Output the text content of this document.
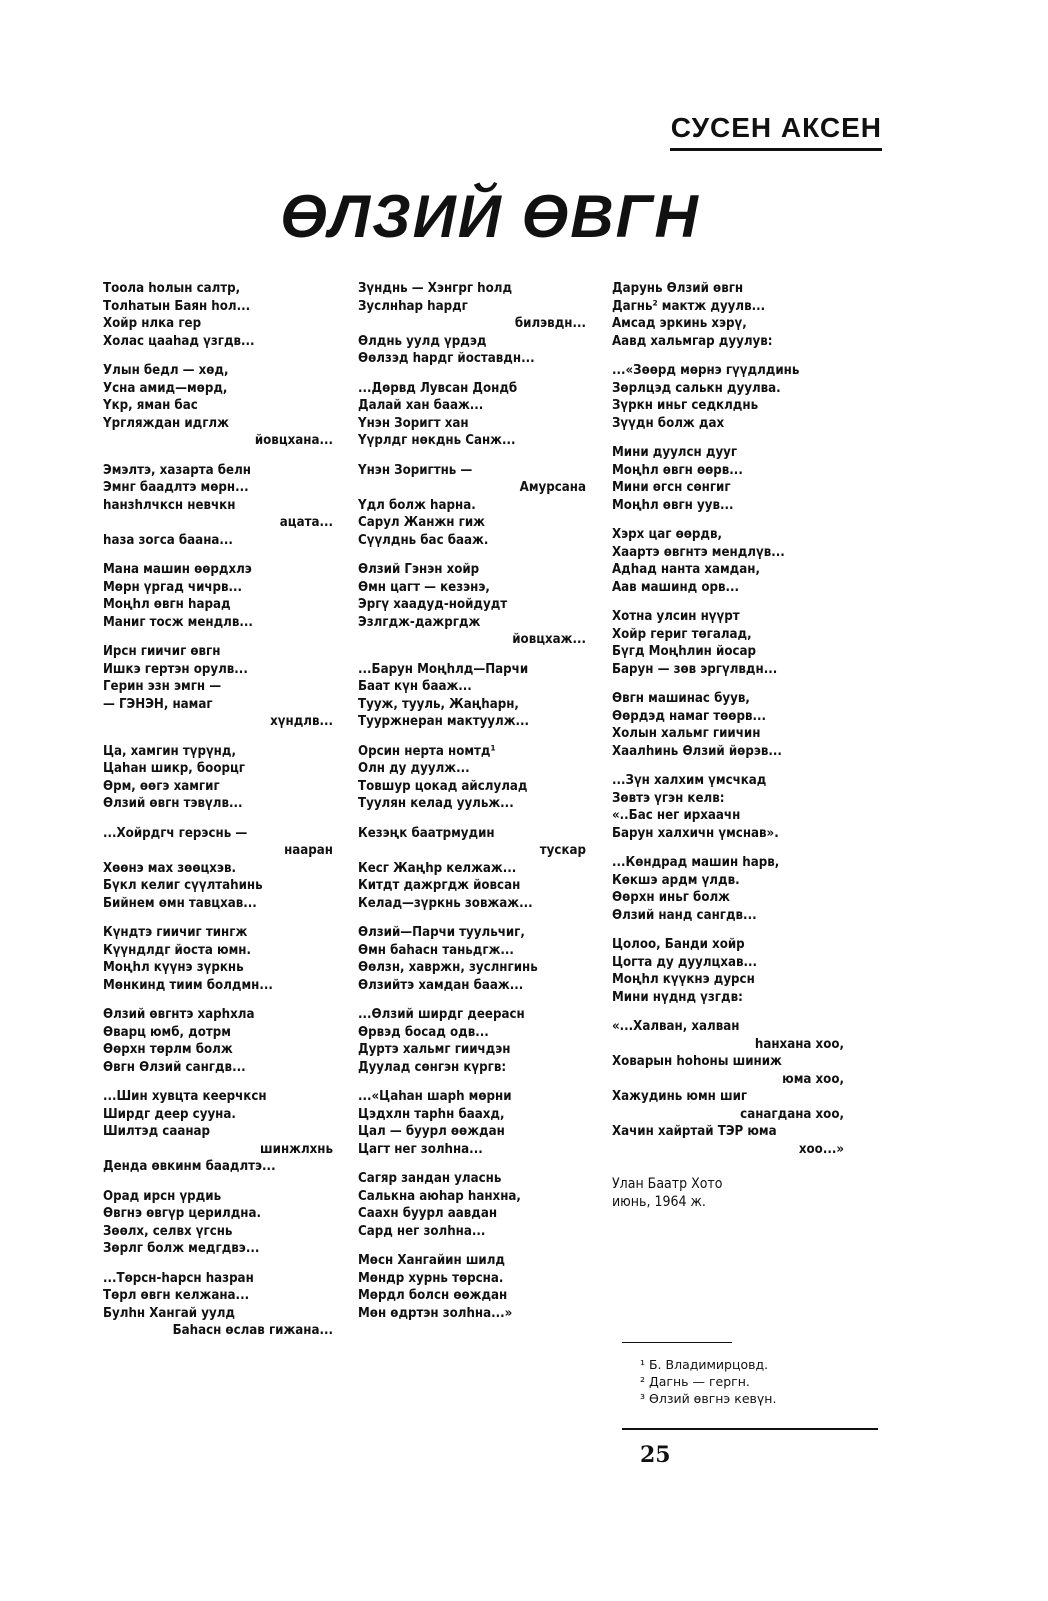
СУСЕН АКСЕН
ӨЛЗИЙ ӨВГН
Тоола hолын салтр,
Толhатын Баян hол...
Хойр нлка гер
Холас цаahад үзгдв...
Улын бедл — хөд,
Усна амид—мөрд,
Үкр, яман бас
Үргляждан идглж
йовцхана...
Эмэлтэ, хазарта белн
Эмнг баадлтэ мөрн...
hанзhлчксн невчкн
ацата...
hаза зогса бaaна...
Мана машин өөрдхлэ
Мөрн үргад чичрв...
Моңhл өвгн hарад
Мaниг тосж мендлв...
Ирсн гиичиг өвгн
Ишкэ гертэн орулв...
Герин эзн эмгн —
— ГЭНЭН, намаг
хүндлв...
Ца, хамгин түрүнд,
Цаhан шикр, боорцг
Өрм, өөгэ хамгиг
Өлзий өвгн тэвүлв...
...Хойрдгч герэснь —
наaран
Хөөнэ мах зөөцхэв.
Бүкл келиг сүүлтahинь
Бийнем өмн тaвцхав...
Күндтэ гиичиг тингж
Күүндлдг йоста юмн.
Моңhл күүнэ зүркнь
Мөнкинд тиим болдмн...
Өлзий өвгнтэ харhхла
Өварц юмб, дотрм
Өөрхн төрлм болж
Өвгн Өлзий сангдв...
...Шин хувцта кеерчксн
Ширдг деер сууна.
Шилтэд саанар
шинжлхнь
Денда өвкинм баадлтэ...
Орад ирсн үрдиь
Өвгнэ өвгүр церилдна.
Зөөлх, селвх үгснь
Зөрлг болж медгдвэ...
...Төрсн-hарсн hазран
Төрл өвгн келжана...
Булhн Хангай уулд
Баhасн өслав гижана...
Зүнднь — Хэнгрг hолд
Зуслнhар hардг
билэвдн...
Өлднь уулд үрдэд
Өөлзэд hардг йоставдн...
...Дөрвд Лувсан Дондб
Далай хан бааж...
Үнэн Зоригт хан
Үүрлдг нөкднь Санж...
Үнэн Зоригтнь —
Амурсана
Үдл болж hарна.
Сарул Жанжн гиж
Сүүлднь бас бааж.
Өлзий Гэнэн хойр
Өмн цагт — кезэнэ,
Эргү хаадуд-нойдудт
Эзлгдж-дажргдж
йовцхаж...
...Барун Моңhлд—Парчи
Баат күн бааж...
Тууж, тууль, Жаңhарн,
Тууржнеран мактуулж...
Орсин нерта номтд¹
Олн ду дуулж...
Товшур цокад айслулад
Туулян келад уульж...
Кезэңк баатрмудин
тускар
Кесг Жаңhр келжаж...
Китдт дажргдж йовсан
Келад—зүркнь зовжаж...
Өлзий—Парчи туульчиг,
Өмн баhасн таньдгж...
Өөлзн, хавржн, зуслнгинь
Өлзийтэ хамдан бааж...
...Өлзий ширдг деерасн
Өрвэд босад одв...
Дуртэ хальмг гиичдэн
Дуулад сөнгэн күргв:
...«Цаhан шарh мөрни
Цэдхлн тарhн баахд,
Цал — буурл өөждан
Цагт нег золhна...
Сагяр зандан уласнь
Салькна аюhар hанхна,
Саахн буурл аавдан
Сард нег золhна...
Мөсн Хангайин шилд
Мөндр хурнь төрсна.
Мөрдл болсн өөждан
Мөн өдртэн золhна...»
Дарунь Өлзий өвгн
Дагнь² мактж дуулв...
Амсад эркинь хэрү,
Аавд хальмгар дуулув:
...«Зөөрд мөрнэ гүүдлдинь
Зөрлцэд салькн дуулва.
Зүркн иньг седклднь
Зүүдн болж дах
Мини дуулсн дууг
Моңhл өвгн өөрв...
Мини өгсн сөнгиг
Моңhл өвгн уув...
Хэрх цаг өөрдв,
Хаартэ өвгнтэ мендлүв...
Адhад нанта хамдан,
Аав машинд орв...
Хотна улсин нүүрт
Хойр гериг төгалад,
Бүгд Моңhлин йосар
Барун — зөв эргүлвдн...
Өвгн машинас буув,
Өөрдэд намаг төөрв...
Холын хальмг гиичин
Хаалhинь Өлзий йөрэв...
...Зүн халхим үмсчкад
Зөвтэ үгэн келв:
«..Бас нег ирхаачн
Барун халхичн үмснав».
...Көндрад машин hарв,
Көкшэ ардм үлдв.
Өөрхн иньг болж
Өлзий нанд сангдв...
Цолоо, Банди хойр
Цогта ду дуулцхав...
Моңhл күүкнэ дурсн
Мини нүднд үзгдв:
«...Халвaн, халвaн
hанхана хоо,
Ховарын hоhоны шиниж
юма хоо,
Хажудинь юмн шиг
санагдана хоо,
Хачин хайртай ТЭР юма
хоо...»
Улан Баатр Хото
июнь, 1964 ж.
¹ Б. Владимирцовд.
² Дагнь — гергн.
³ Өлзий өвгнэ кевүн.
25
